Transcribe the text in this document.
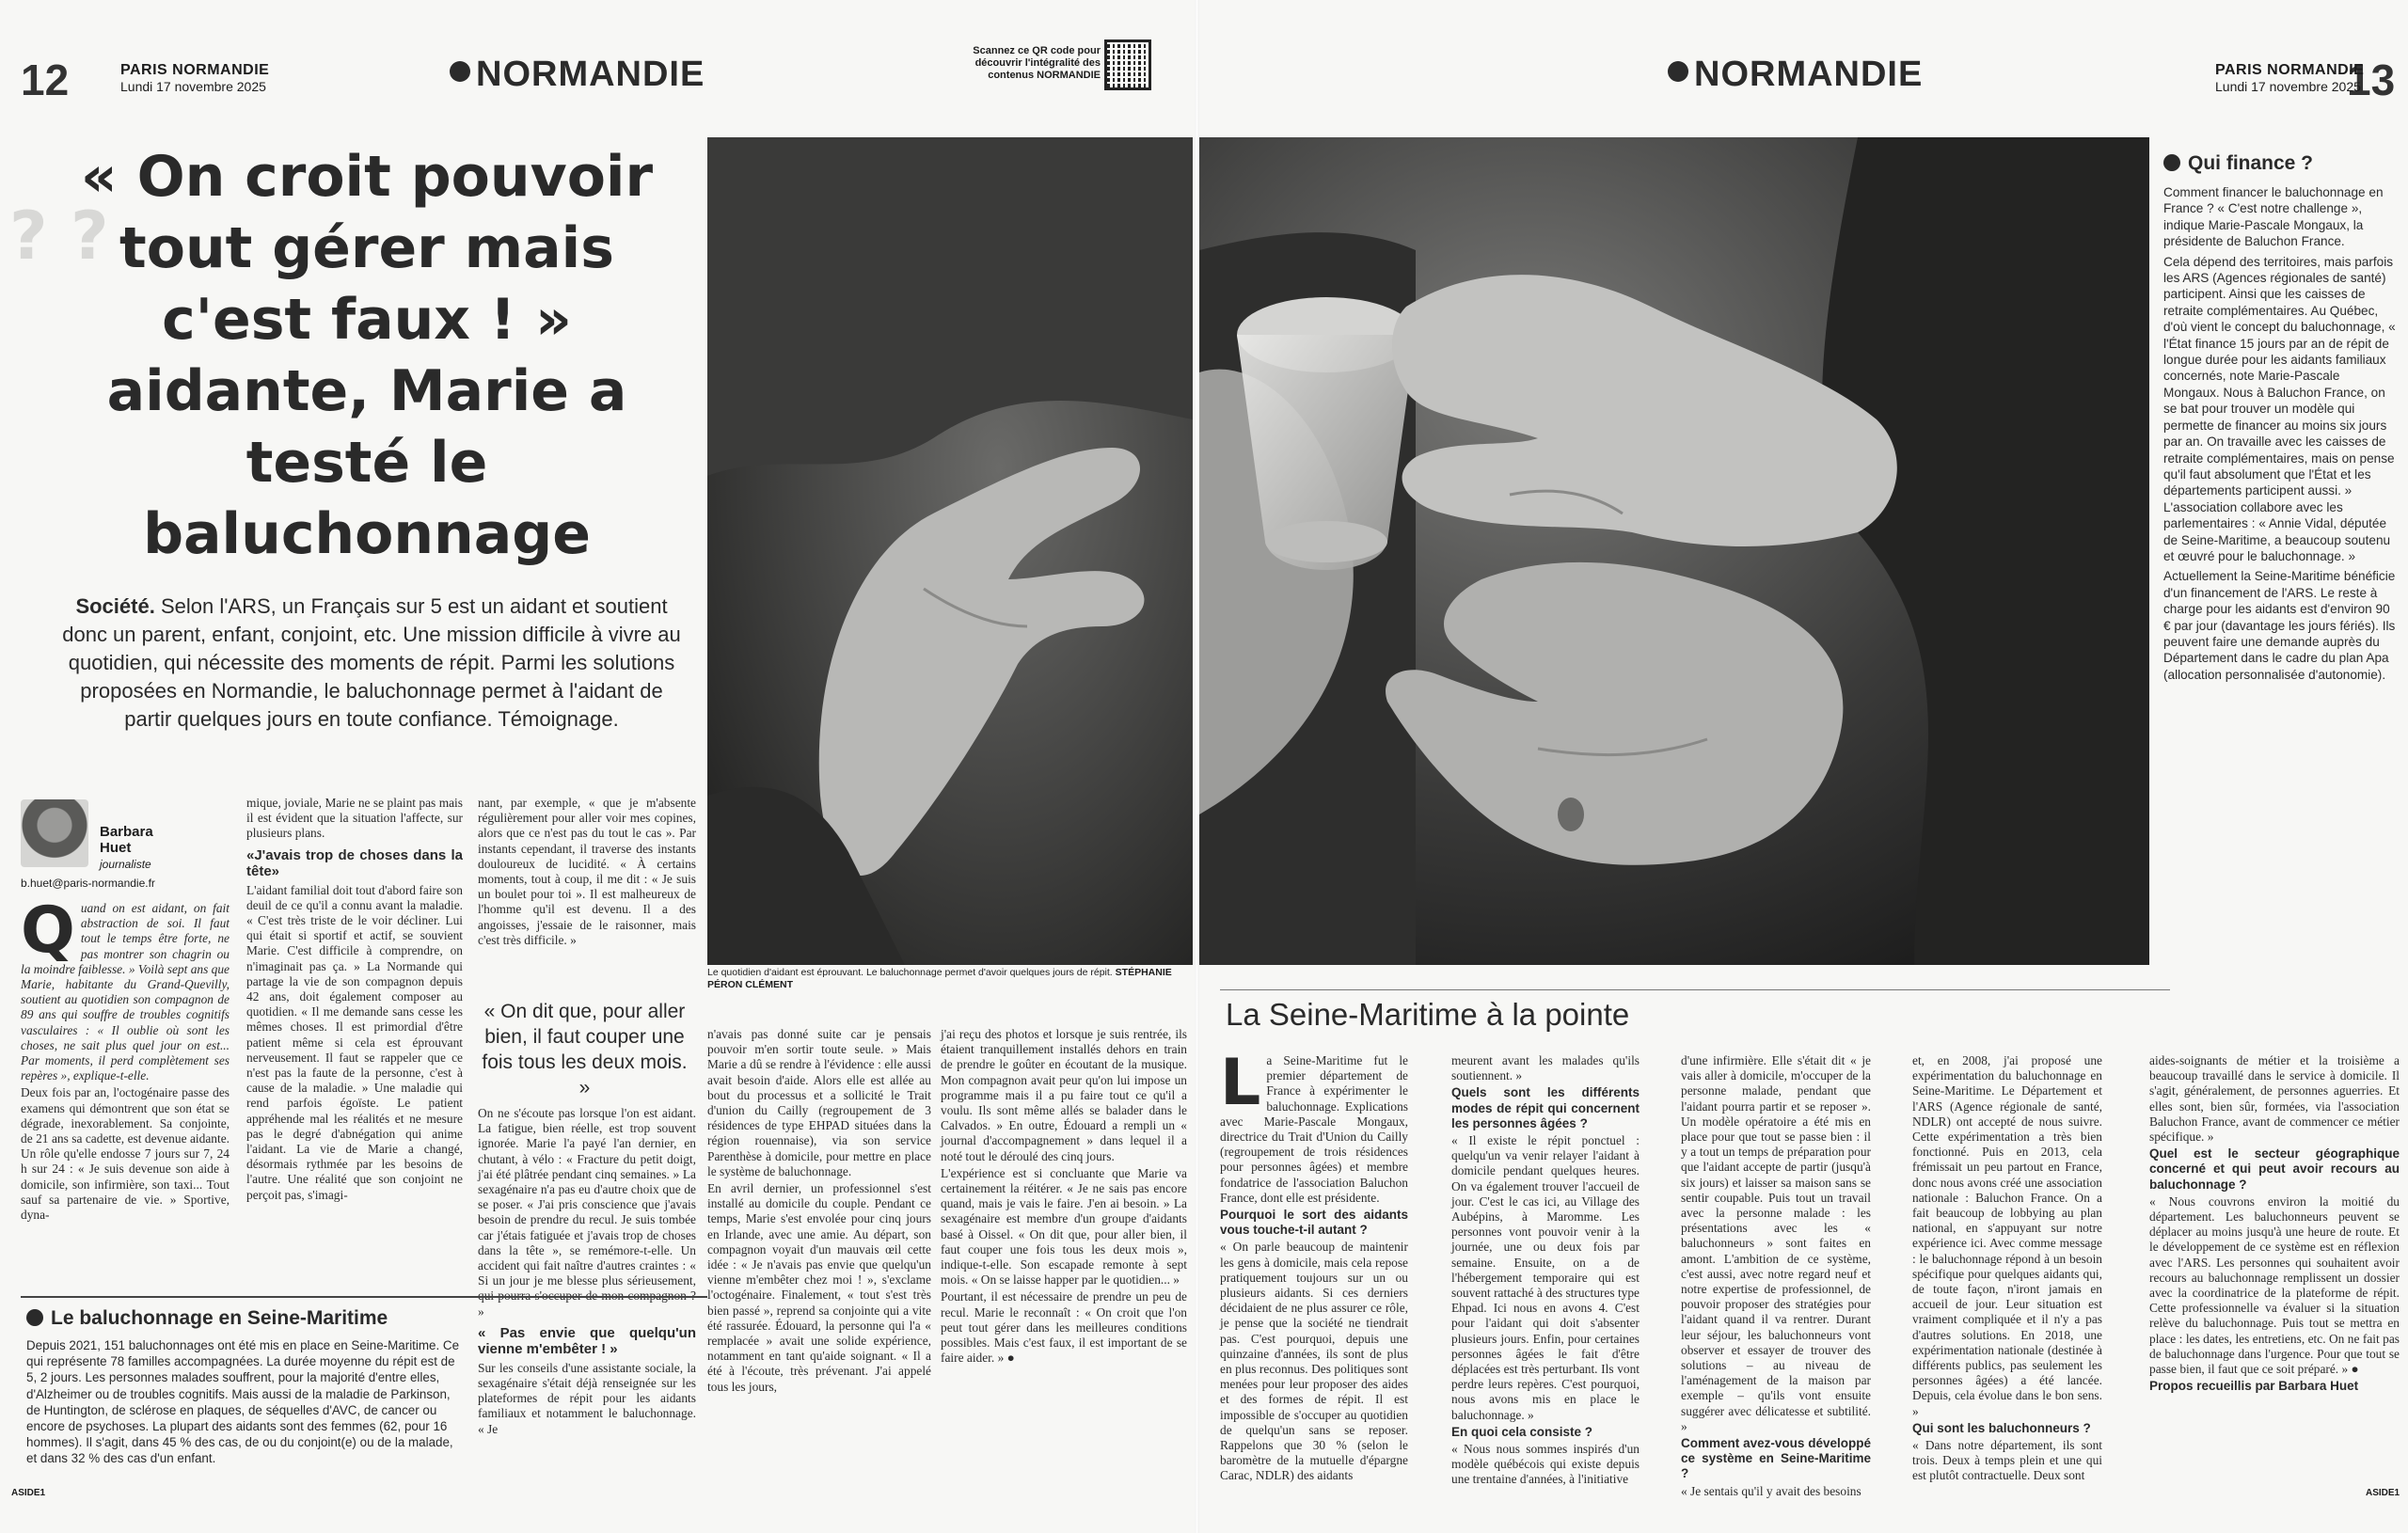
12	PARIS NORMANDIE
Lundi 17 novembre 2025	NORMANDIE
Scannez ce QR code pour découvrir l'intégralité des contenus NORMANDIE
? ?
« On croit pouvoir tout gérer mais c'est faux ! » aidante, Marie a testé le baluchonnage
Société. Selon l'ARS, un Français sur 5 est un aidant et soutient donc un parent, enfant, conjoint, etc. Une mission difficile à vivre au quotidien, qui nécessite des moments de répit. Parmi les solutions proposées en Normandie, le baluchonnage permet à l'aidant de partir quelques jours en toute confiance. Témoignage.
Barbara Huet
journaliste
b.huet@paris-normandie.fr
Q uand on est aidant, on fait abstraction de soi. Il faut tout le temps être forte, ne pas montrer son chagrin ou la moindre faiblesse. » Voilà sept ans que Marie, habitante du Grand-Quevilly, soutient au quotidien son compagnon de 89 ans qui souffre de troubles cognitifs vasculaires : « Il oublie où sont les choses, ne sait plus quel jour on est... Par moments, il perd complètement ses repères », explique-t-elle.

Deux fois par an, l'octogénaire passe des examens qui démontrent que son état se dégrade, inexorablement. Sa conjointe, de 21 ans sa cadette, est devenue aidante. Un rôle qu'elle endosse 7 jours sur 7, 24 h sur 24 : « Je suis devenue son aide à domicile, son infirmière, son taxi... Tout sauf sa partenaire de vie. » Sportive, dyna-

mique, joviale, Marie ne se plaint pas mais il est évident que la situation l'affecte, sur plusieurs plans.

«J'avais trop de choses dans la tête»

L'aidant familial doit tout d'abord faire son deuil de ce qu'il a connu avant la maladie. « C'est très triste de le voir décliner. Lui qui était si sportif et actif, se souvient Marie. C'est difficile à comprendre, on n'imaginait pas ça. » La Normande qui partage la vie de son compagnon depuis 42 ans, doit également composer au quotidien. « Il me demande sans cesse les mêmes choses. Il est primordial d'être patient même si cela est éprouvant nerveusement. Il faut se rappeler que ce n'est pas la faute de la personne, c'est à cause de la maladie. » Une maladie qui rend parfois égoïste. Le patient appréhende mal les réalités et ne mesure pas le degré d'abnégation qui anime l'aidant. La vie de Marie a changé, désormais rythmée par les besoins de l'autre. Une réalité que son conjoint ne perçoit pas, s'imagi-

nant, par exemple, « que je m'absente régulièrement pour aller voir mes copines, alors que ce n'est pas du tout le cas ». Par instants cependant, il traverse des instants douloureux de lucidité. « À certains moments, tout à coup, il me dit : « Je suis un boulet pour toi ». Il est malheureux de l'homme qu'il est devenu. Il a des angoisses, j'essaie de le raisonner, mais c'est très difficile. »

« On dit que, pour aller bien, il faut couper une fois tous les deux mois. »

On ne s'écoute pas lorsque l'on est aidant. La fatigue, bien réelle, est trop souvent ignorée. Marie l'a payé l'an dernier, en chutant, à vélo : « Fracture du petit doigt, j'ai été plâtrée pendant cinq semaines. » La sexagénaire n'a pas eu d'autre choix que de se poser. « J'ai pris conscience que j'avais besoin de prendre du recul. Je suis tombée car j'étais fatiguée et j'avais trop de choses dans la tête », se remémore-t-elle. Un accident qui fait naître d'autres craintes : « Si un jour je me blesse plus sérieusement, qui pourra s'occuper de mon compagnon ? »

« Pas envie que quelqu'un vienne m'embêter ! »

Sur les conseils d'une assistante sociale, la sexagénaire s'était déjà renseignée sur les plateformes de répit pour les aidants familiaux et notamment le baluchonnage. « Je

n'avais pas donné suite car je pensais pouvoir m'en sortir toute seule. » Mais Marie a dû se rendre à l'évidence : elle aussi avait besoin d'aide. Alors elle est allée au bout du processus et a sollicité le Trait d'union du Cailly (regroupement de 3 résidences de type EHPAD situées dans la région rouennaise), via son service Parenthèse à domicile, pour mettre en place le système de baluchonnage.

En avril dernier, un professionnel s'est installé au domicile du couple. Pendant ce temps, Marie s'est envolée pour cinq jours en Irlande, avec une amie. Au départ, son compagnon voyait d'un mauvais œil cette idée : « Je n'avais pas envie que quelqu'un vienne m'embêter chez moi ! », s'exclame l'octogénaire. Finalement, « tout s'est très bien passé », reprend sa conjointe qui a vite été rassurée. Édouard, la personne qui l'a « remplacée » avait une solide expérience, notamment en tant qu'aide soignant. « Il a été à l'écoute, très prévenant. J'ai appelé tous les jours,

j'ai reçu des photos et lorsque je suis rentrée, ils étaient tranquillement installés dehors en train de prendre le goûter en écoutant de la musique. Mon compagnon avait peur qu'on lui impose un programme mais il a pu faire tout ce qu'il a voulu. Ils sont même allés se balader dans le Calvados. » En outre, Édouard a rempli un « journal d'accompagnement » dans lequel il a noté tout le déroulé des cinq jours.

L'expérience est si concluante que Marie va certainement la réitérer. « Je ne sais pas encore quand, mais je vais le faire. J'en ai besoin. » La sexagénaire est membre d'un groupe d'aidants basé à Oissel. « On dit que, pour aller bien, il faut couper une fois tous les deux mois », indique-t-elle. Son escapade remonte à sept mois. « On se laisse happer par le quotidien... »

Pourtant, il est nécessaire de prendre un peu de recul. Marie le reconnaît : « On croit que l'on peut tout gérer dans les meilleures conditions possibles. Mais c'est faux, il est important de se faire aider. » ●

Le quotidien d'aidant est éprouvant. Le baluchonnage permet d'avoir quelques jours de répit. STÉPHANIE PÉRON CLÉMENT
Le baluchonnage en Seine-Maritime
Depuis 2021, 151 baluchonnages ont été mis en place en Seine-Maritime. Ce qui représente 78 familles accompagnées. La durée moyenne du répit est de 5, 2 jours. Les personnes malades souffrent, pour la majorité d'entre elles, d'Alzheimer ou de troubles cognitifs. Mais aussi de la maladie de Parkinson, de Huntington, de sclérose en plaques, de séquelles d'AVC, de cancer ou encore de psychoses. La plupart des aidants sont des femmes (62, pour 16 hommes). Il s'agit, dans 45 % des cas, de ou du conjoint(e) ou de la malade, et dans 32 % des cas d'un enfant.
ASIDE1
13
PARIS NORMANDIE
Lundi 17 novembre 2025
NORMANDIE
Qui finance ?

Comment financer le baluchonnage en France ? « C'est notre challenge », indique Marie-Pascale Mongaux, la présidente de Baluchon France.

Cela dépend des territoires, mais parfois les ARS (Agences régionales de santé) participent. Ainsi que les caisses de retraite complémentaires. Au Québec, d'où vient le concept du baluchonnage, « l'État finance 15 jours par an de répit de longue durée pour les aidants familiaux concernés, note Marie-Pascale Mongaux. Nous à Baluchon France, on se bat pour trouver un modèle qui permette de financer au moins six jours par an. On travaille avec les caisses de retraite complémentaires, mais on pense qu'il faut absolument que l'État et les départements participent aussi. » L'association collabore avec les parlementaires : « Annie Vidal, députée de Seine-Maritime, a beaucoup soutenu et œuvré pour le baluchonnage. »

Actuellement la Seine-Maritime bénéficie d'un financement de l'ARS. Le reste à charge pour les aidants est d'environ 90 € par jour (davantage les jours fériés). Ils peuvent faire une demande auprès du Département dans le cadre du plan Apa (allocation personnalisée d'autonomie).

La Seine-Maritime à la pointe
L a Seine-Maritime fut le premier département de France à expérimenter le baluchonnage. Explications avec Marie-Pascale Mongaux, directrice du Trait d'Union du Cailly (regroupement de trois résidences pour personnes âgées) et membre fondatrice de l'association Baluchon France, dont elle est présidente.

Pourquoi le sort des aidants vous touche-t-il autant ?

« On parle beaucoup de maintenir les gens à domicile, mais cela repose pratiquement toujours sur un ou plusieurs aidants. Si ces derniers décidaient de ne plus assurer ce rôle, je pense que la société ne tiendrait pas. C'est pourquoi, depuis une quinzaine d'années, ils sont de plus en plus reconnus. Des politiques sont menées pour leur proposer des aides et des formes de répit. Il est impossible de s'occuper au quotidien de quelqu'un sans se reposer. Rappelons que 30 % (selon le baromètre de la mutuelle d'épargne Carac, NDLR) des aidants

meurent avant les malades qu'ils soutiennent. »

Quels sont les différents modes de répit qui concernent les personnes âgées ?

« Il existe le répit ponctuel : quelqu'un va venir relayer l'aidant à domicile pendant quelques heures. On va également trouver l'accueil de jour. C'est le cas ici, au Village des Aubépins, à Maromme. Les personnes vont pouvoir venir à la journée, une ou deux fois par semaine. Ensuite, on a de l'hébergement temporaire qui est souvent rattaché à des structures type Ehpad. Ici nous en avons 4. C'est pour l'aidant qui doit s'absenter plusieurs jours. Enfin, pour certaines personnes âgées le fait d'être déplacées est très perturbant. Ils vont perdre leurs repères. C'est pourquoi, nous avons mis en place le baluchonnage. »

En quoi cela consiste ?

« Nous nous sommes inspirés d'un modèle québécois qui existe depuis une trentaine d'années, à l'initiative

d'une infirmière. Elle s'était dit « je vais aller à domicile, m'occuper de la personne malade, pendant que l'aidant pourra partir et se reposer ». Un modèle opératoire a été mis en place pour que tout se passe bien : il y a tout un temps de préparation pour que l'aidant accepte de partir (jusqu'à six jours) et laisser sa maison sans se sentir coupable. Puis tout un travail avec la personne malade : les présentations avec les « baluchonneurs » sont faites en amont. L'ambition de ce système, c'est aussi, avec notre regard neuf et notre expertise de professionnel, de pouvoir proposer des stratégies pour l'aidant quand il va rentrer. Durant leur séjour, les baluchonneurs vont observer et essayer de trouver des solutions – au niveau de l'aménagement de la maison par exemple – qu'ils vont ensuite suggérer avec délicatesse et subtilité. »

Comment avez-vous développé ce système en Seine-Maritime ?

« Je sentais qu'il y avait des besoins

et, en 2008, j'ai proposé une expérimentation du baluchonnage en Seine-Maritime. Le Département et l'ARS (Agence régionale de santé, NDLR) ont accepté de nous suivre. Cette expérimentation a très bien fonctionné. Puis en 2013, cela frémissait un peu partout en France, donc nous avons créé une association nationale : Baluchon France. On a fait beaucoup de lobbying au plan national, en s'appuyant sur notre expérience ici. Avec comme message : le baluchonnage répond à un besoin spécifique pour quelques aidants qui, de toute façon, n'iront jamais en accueil de jour. Leur situation est vraiment compliquée et il n'y a pas d'autres solutions. En 2018, une expérimentation nationale (destinée à différents publics, pas seulement les personnes âgées) a été lancée. Depuis, cela évolue dans le bon sens. »

Qui sont les baluchonneurs ?

« Dans notre département, ils sont trois. Deux à temps plein et une qui est plutôt contractuelle. Deux sont

aides-soignants de métier et la troisième a beaucoup travaillé dans le service à domicile. Il s'agit, généralement, de personnes aguerries. Et elles sont, bien sûr, formées, via l'association Baluchon France, avant de commencer ce métier spécifique. »

Quel est le secteur géographique concerné et qui peut avoir recours au baluchonnage ?

« Nous couvrons environ la moitié du département. Les baluchonneurs peuvent se déplacer au moins jusqu'à une heure de route. Et le développement de ce système est en réflexion avec l'ARS. Les personnes qui souhaitent avoir recours au baluchonnage remplissent un dossier avec la coordinatrice de la plateforme de répit. Cette professionnelle va évaluer si la situation relève du baluchonnage. Puis tout se mettra en place : les dates, les entretiens, etc. On ne fait pas de baluchonnage dans l'urgence. Pour que tout se passe bien, il faut que ce soit préparé. » ●

Propos recueillis par Barbara Huet

ASIDE1
